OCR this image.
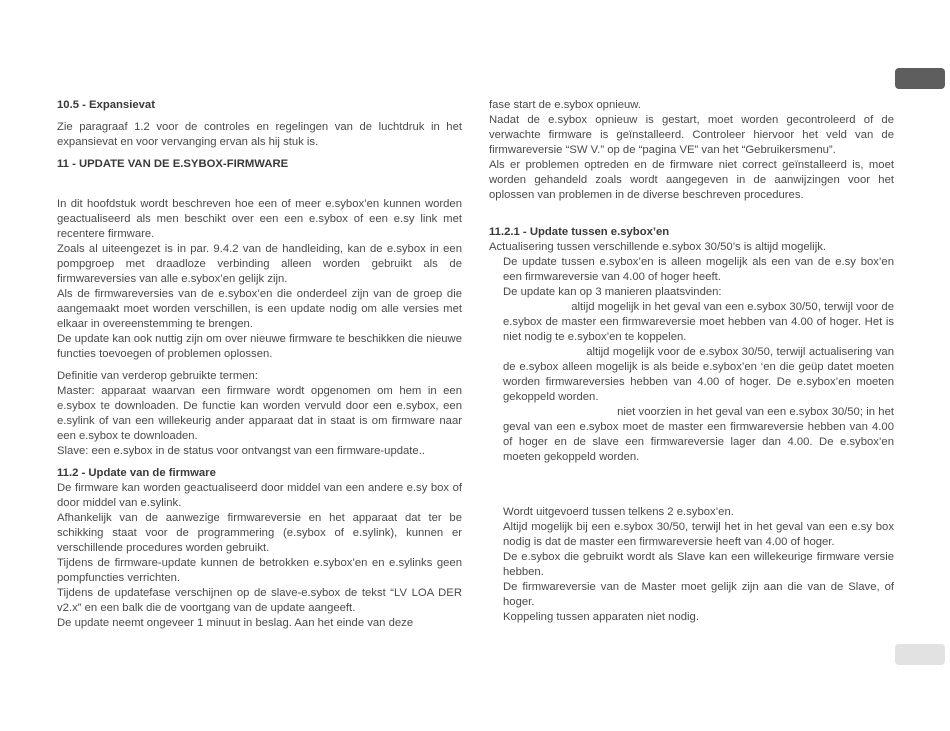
10.5 - Expansievat

Zie paragraaf 1.2 voor de controles en regelingen van de luchtdruk in het expansievat en voor vervanging ervan als hij stuk is.

11 - UPDATE VAN DE E.SYBOX-FIRMWARE

In dit hoofdstuk wordt beschreven hoe een of meer e.sybox’en kunnen worden geactualiseerd als men beschikt over een een e.sybox of een e.sy link met recentere firmware.

Zoals al uiteengezet is in par. 9.4.2 van de handleiding, kan de e.sybox in een pompgroep met draadloze verbinding alleen worden gebruikt als de firmwareversies van alle e.sybox’en gelijk zijn.

Als de firmwareversies van de e.sybox’en die onderdeel zijn van de groep die aangemaakt moet worden verschillen, is een update nodig om alle versies met elkaar in overeenstemming te brengen.

De update kan ook nuttig zijn om over nieuwe firmware te beschikken die nieuwe functies toevoegen of problemen oplossen.

Definitie van verderop gebruikte termen:

Master: apparaat waarvan een firmware wordt opgenomen om hem in een e.sybox te downloaden. De functie kan worden vervuld door een e.sybox, een e.sylink of van een willekeurig ander apparaat dat in staat is om firmware naar een e.sybox te downloaden.

Slave: een e.sybox in de status voor ontvangst van een firmware-update..

11.2 - Update van de firmware

De firmware kan worden geactualiseerd door middel van een andere e.sy box of door middel van e.sylink.

Afhankelijk van de aanwezige firmwareversie en het apparaat dat ter be schikking staat voor de programmering (e.sybox of e.sylink), kunnen er verschillende procedures worden gebruikt.

Tijdens de firmware-update kunnen de betrokken e.sybox’en en e.sylinks geen pompfuncties verrichten.

Tijdens de updatefase verschijnen op de slave-e.sybox de tekst “LV LOA DER v2.x” en een balk die de voortgang van de update aangeeft.

De update neemt ongeveer 1 minuut in beslag. Aan het einde van deze

fase start de e.sybox opnieuw.

Nadat de e.sybox opnieuw is gestart, moet worden gecontroleerd of de verwachte firmware is geïnstalleerd. Controleer hiervoor het veld van de firmwareversie “SW V.” op de “pagina VE” van het “Gebruikersmenu”.

Als er problemen optreden en de firmware niet correct geïnstalleerd is, moet worden gehandeld zoals wordt aangegeven in de aanwijzingen voor het oplossen van problemen in de diverse beschreven procedures.

11.2.1 - Update tussen e.sybox’en

Actualisering tussen verschillende e.sybox 30/50’s is altijd mogelijk.

De update tussen e.sybox’en is alleen mogelijk als een van de e.sy box’en een firmwareversie van 4.00 of hoger heeft.

De update kan op 3 manieren plaatsvinden:

altijd mogelijk in het geval van een e.sybox 30/50, terwijl voor de e.sybox de master een firmwareversie moet hebben van 4.00 of hoger. Het is niet nodig te e.sybox’en te koppelen.

altijd mogelijk voor de e.sybox 30/50, terwijl actualisering van de e.sybox alleen mogelijk is als beide e.sybox’en ‘en die geüp datet moeten worden firmwareversies hebben van 4.00 of hoger. De e.sybox’en moeten gekoppeld worden.

niet voorzien in het geval van een e.sybox 30/50; in het geval van een e.sybox moet de master een firmwareversie hebben van 4.00 of hoger en de slave een firmwareversie lager dan 4.00. De e.sybox’en moeten gekoppeld worden.

Wordt uitgevoerd tussen telkens 2 e.sybox’en.

Altijd mogelijk bij een e.sybox 30/50, terwijl het in het geval van een e.sy box nodig is dat de master een firmwareversie heeft van 4.00 of hoger.

De e.sybox die gebruikt wordt als Slave kan een willekeurige firmware versie hebben.

De firmwareversie van de Master moet gelijk zijn aan die van de Slave, of hoger.

Koppeling tussen apparaten niet nodig.
